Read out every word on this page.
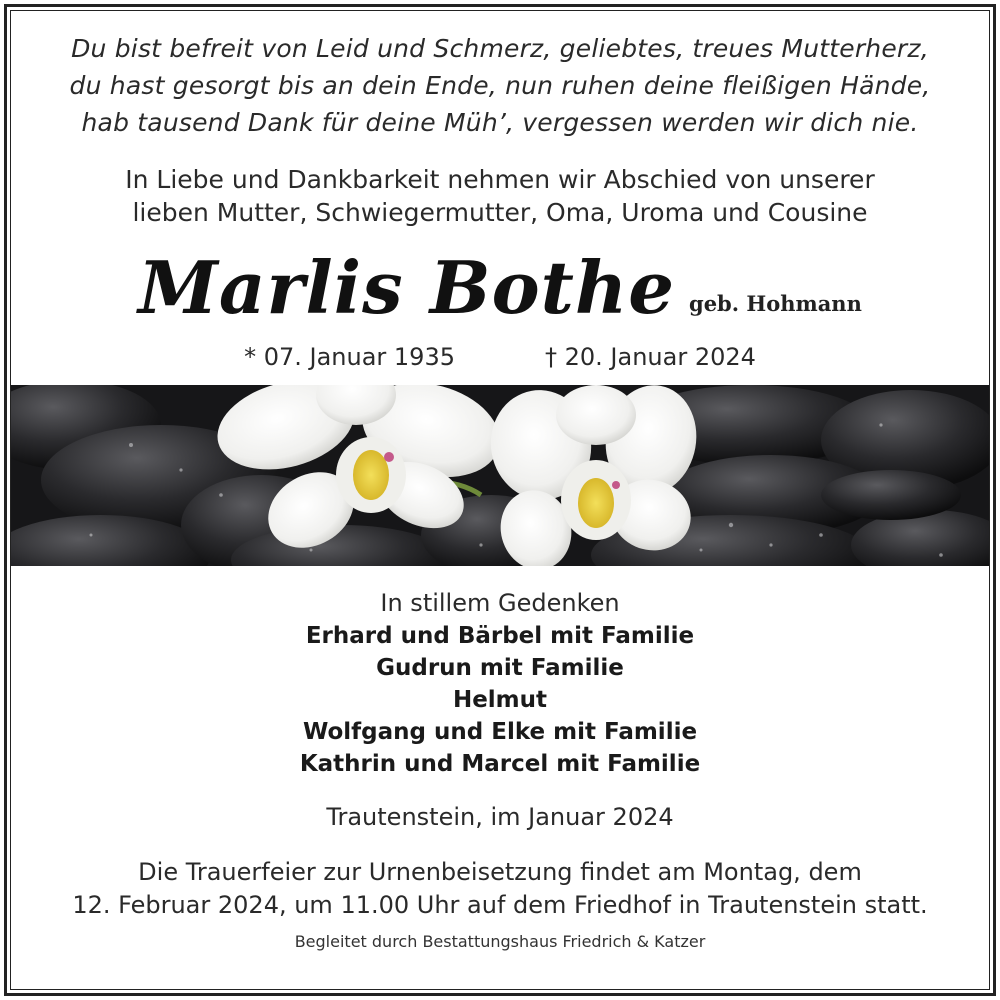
Du bist befreit von Leid und Schmerz, geliebtes, treues Mutterherz,
du hast gesorgt bis an dein Ende, nun ruhen deine fleißigen Hände,
hab tausend Dank für deine Müh’, vergessen werden wir dich nie.
In Liebe und Dankbarkeit nehmen wir Abschied von unserer
lieben Mutter, Schwiegermutter, Oma, Uroma und Cousine
Marlis Bothe geb. Hohmann
* 07. Januar 1935	† 20. Januar 2024
In stillem Gedenken
Erhard und Bärbel mit Familie
Gudrun mit Familie
Helmut
Wolfgang und Elke mit Familie
Kathrin und Marcel mit Familie
Trautenstein, im Januar 2024
Die Trauerfeier zur Urnenbeisetzung findet am Montag, dem
12. Februar 2024, um 11.00 Uhr auf dem Friedhof in Trautenstein statt.
Begleitet durch Bestattungshaus Friedrich & Katzer
